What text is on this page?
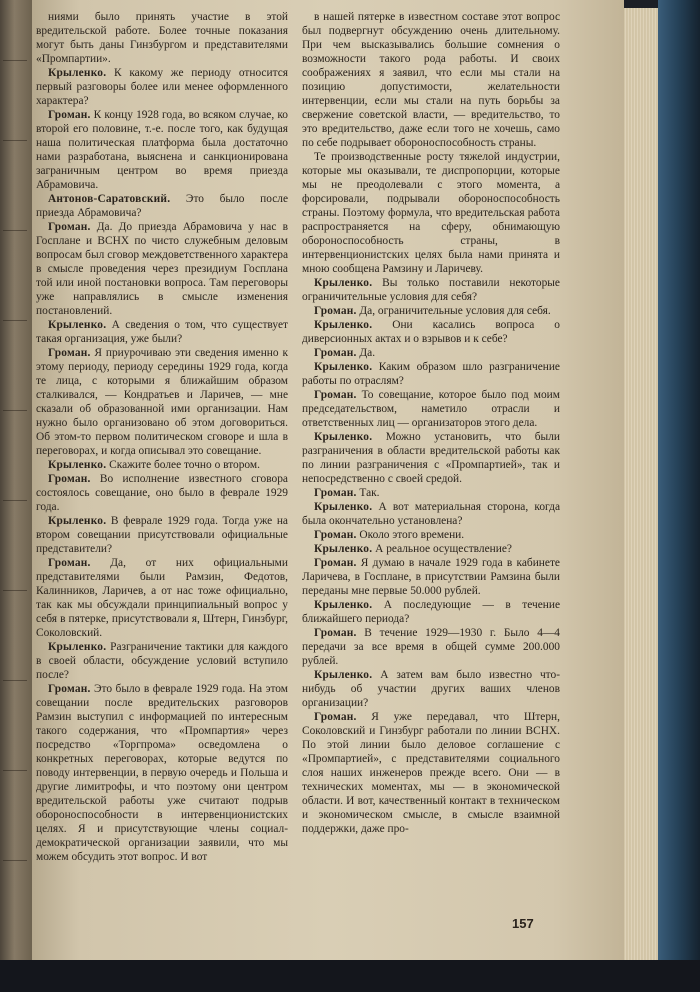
ниями было принять участие в этой вредительской работе. Более точные показания могут быть даны Гинзбургом и представителями «Промпартии».

Крыленко. К какому же периоду относится первый разговоры более или менее оформленного характера?

Громан. К концу 1928 года, во всяком случае, ко второй его половине, т.-е. после того, как будущая наша политическая платформа была достаточно нами разработана, выяснена и санкционирована заграничным центром во время приезда Абрамовича.

Антонов-Саратовский. Это было после приезда Абрамовича?

Громан. Да. До приезда Абрамовича у нас в Госплане и ВСНХ по чисто служебным деловым вопросам был сговор междоветственного характера в смысле проведения через президиум Госплана той или иной постановки вопроса. Там переговоры уже направлялись в смысле изменения постановлений.

Крыленко. А сведения о том, что существует такая организация, уже были?

Громан. Я приурочиваю эти сведения именно к этому периоду, периоду середины 1929 года, когда те лица, с которыми я ближайшим образом сталкивался, — Кондратьев и Ларичев, — мне сказали об образованной ими организации. Нам нужно было организовано об этом договориться. Об этом-то первом политическом сговоре и шла в переговорах, и когда описывал это совещание.

Крыленко. Скажите более точно о втором.

Громан. Во исполнение известного сговора состоялось совещание, оно было в феврале 1929 года.

Крыленко. В феврале 1929 года. Тогда уже на втором совещании присутствовали официальные представители?

Громан. Да, от них официальными представителями были Рамзин, Федотов, Калинников, Ларичев, а от нас тоже официально, так как мы обсуждали принципиальный вопрос у себя в пятерке, присутствовали я, Штерн, Гинзбург, Соколовский.

Крыленко. Разграничение тактики для каждого в своей области, обсуждение условий вступило после?

Громан. Это было в феврале 1929 года. На этом совещании после вредительских разговоров Рамзин выступил с информацией по интересным такого содержания, что «Промпартия» через посредство «Торгпрома» осведомлена о конкретных переговорах, которые ведутся по поводу интервенции, в первую очередь и Польша и другие лимитрофы, и что поэтому они центром вредительской работы уже считают подрыв обороноспособности в интервенционистских целях. Я и присутствующие члены социал-демократической организации заявили, что мы можем обсудить этот вопрос. И вот

в нашей пятерке в известном составе этот вопрос был подвергнут обсуждению очень длительному. При чем высказывались большие сомнения о возможности такого рода работы. И своих соображениях я заявил, что если мы стали на позицию допустимости, желательности интервенции, если мы стали на путь борьбы за свержение советской власти, — вредительство, то это вредительство, даже если того не хочешь, само по себе подрывает обороноспособность страны.

Те производственные росту тяжелой индустрии, которые мы оказывали, те диспропорции, которые мы не преодолевали с этого момента, а форсировали, подрывали обороноспособность страны. Поэтому формула, что вредительская работа распространяется на сферу, обнимающую обороноспособность страны, в интервенционистских целях была нами принята и мною сообщена Рамзину и Ларичеву.

Крыленко. Вы только поставили некоторые ограничительные условия для себя?

Громан. Да, ограничительные условия для себя.

Крыленко. Они касались вопроса о диверсионных актах и о взрывов и к себе?

Громан. Да.

Крыленко. Каким образом шло разграничение работы по отраслям?

Громан. То совещание, которое было под моим председательством, наметило отрасли и ответственных лиц — организаторов этого дела.

Крыленко. Можно установить, что были разграничения в области вредительской работы как по линии разграничения с «Промпартией», так и непосредственно с своей средой.

Громан. Так.

Крыленко. А вот материальная сторона, когда была окончательно установлена?

Громан. Около этого времени.

Крыленко. А реальное осуществление?

Громан. Я думаю в начале 1929 года в кабинете Ларичева, в Госплане, в присутствии Рамзина были переданы мне первые 50.000 рублей.

Крыленко. А последующие — в течение ближайшего периода?

Громан. В течение 1929—1930 г. Было 4—4 передачи за все время в общей сумме 200.000 рублей.

Крыленко. А затем вам было известно что-нибудь об участии других ваших членов организации?

Громан. Я уже передавал, что Штерн, Соколовский и Гинзбург работали по линии ВСНХ. По этой линии было деловое соглашение с «Промпартией», с представителями социального слоя наших инженеров прежде всего. Они — в технических моментах, мы — в экономической области. И вот, качественный контакт в техническом и экономическом смысле, в смысле взаимной поддержки, даже про-

157
